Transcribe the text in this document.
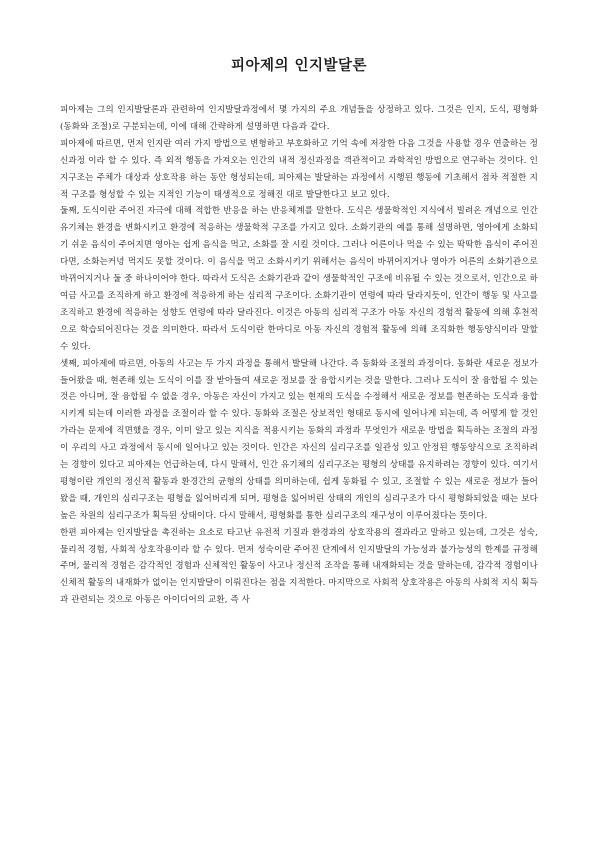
피아제의 인지발달론

피아제는 그의 인지발달론과 관련하여 인지발달과정에서 몇 가지의 주요 개념들을 상정하고 있다. 그것은 인지, 도식, 평형화(동화와 조절)로 구분되는데, 이에 대해 간략하게 설명하면 다음과 같다.

피아제에 따르면, 먼저 인지란 여러 가지 방법으로 변형하고 부호화하고 기억 속에 저장한 다음 그것을 사용할 경우 연출하는 정신과정 이라 할 수 있다. 즉 외적 행동을 가져오는 인간의 내적 정신과정을 객관적이고 과학적인 방법으로 연구하는 것이다. 인지구조는 주체가 대상과 상호작용 하는 동안 형성되는데, 피아제는 발달하는 과정에서 시행된 행동에 기초해서 점차 적절한 지적 구조를 형성할 수 있는 지적인 기능이 태생적으로 정해진 대로 발달한다고 보고 있다.

둘째, 도식이란 주어진 자극에 대해 적합한 반응을 하는 반응체계를 말한다. 도식은 생물학적인 지식에서 빌려온 개념으로 인간 유기체는 환경을 변화시키고 환경에 적응하는 생물학적 구조를 가지고 있다. 소화기관의 예를 통해 설명하면, 영아에게 소화되기 쉬운 음식이 주어지면 영아는 쉽게 음식을 먹고, 소화를 잘 시킬 것이다. 그러나 어른이나 먹을 수 있는 딱딱한 음식이 주어진다면, 소화는커녕 먹지도 못할 것이다. 이 음식을 먹고 소화시키기 위해서는 음식이 바뀌어지거나 영아가 어른의 소화기관으로 바뀌어지거나 둘 중 하나이어야 한다. 따라서 도식은 소화기관과 같이 생물학적인 구조에 비유될 수 있는 것으로서, 인간으로 하여금 사고를 조직하게 하고 환경에 적응하게 하는 심리적 구조이다. 소화기관이 연령에 따라 달라지듯이, 인간이 행동 및 사고를 조직하고 환경에 적응하는 성향도 연령에 따라 달라진다. 이것은 아동의 심리적 구조가 아동 자신의 경험적 활동에 의해 후천적으로 학습되어진다는 것을 의미한다. 따라서 도식이란 한마디로 아동 자신의 경험적 활동에 의해 조직화한 행동양식이라 말할 수 있다.

셋째, 피아제에 따르면, 아동의 사고는 두 가지 과정을 통해서 발달해 나간다. 즉 동화와 조절의 과정이다. 동화란 새로운 정보가 들어왔을 때, 현존해 있는 도식이 이를 잘 받아들여 새로운 정보를 잘 융합시키는 것을 말한다. 그러나 도식이 잘 융합될 수 있는 것은 아니며, 잘 융합될 수 없을 경우, 아동은 자신이 가지고 있는 현재의 도식을 수정해서 새로운 정보를 현존하는 도식과 융합시키게 되는데 이러한 과정을 조절이라 할 수 있다. 동화와 조절은 상보적인 형태로 동시에 일어나게 되는데, 즉 어떻게 할 것인가라는 문제에 직면했을 경우, 이미 알고 있는 지식을 적용시키는 동화의 과정과 무엇인가 새로운 방법을 획득하는 조절의 과정이 우리의 사고 과정에서 동시에 일어나고 있는 것이다. 인간은 자신의 심리구조를 일관성 있고 안정된 행동양식으로 조직하려는 경향이 있다고 피아제는 언급하는데, 다시 말해서, 인간 유기체의 심리구조는 평형의 상태를 유지하려는 경향이 있다. 여기서 평형이란 개인의 정신적 활동과 환경간의 균형의 상태를 의미하는데, 쉽게 동화될 수 있고, 조절할 수 있는 새로운 정보가 들어왔을 때, 개인의 심리구조는 평형을 잃어버리게 되며, 평형을 잃어버린 상태의 개인의 심리구조가 다시 평형화되었을 때는 보다 높은 차원의 심리구조가 획득된 상태이다. 다시 말해서, 평형화를 통한 심리구조의 재구성이 이루어졌다는 뜻이다.

한편 피아제는 인지발달을 촉진하는 요소로 타고난 유전적 기질과 환경과의 상호작용의 결과라고 말하고 있는데, 그것은 성숙, 물리적 경험, 사회적 상호작용이라 할 수 있다. 먼저 성숙이란 주어진 단계에서 인지발달의 가능성과 불가능성의 한계를 규정해 주며, 물리적 경험은 감각적인 경험과 신체적인 활동이 사고나 정신적 조작을 통해 내재화되는 것을 말하는데, 감각적 경험이나 신체적 활동의 내재화가 없이는 인지발달이 이뤄진다는 점을 지적한다. 마지막으로 사회적 상호작용은 아동의 사회적 지식 획득과 관련되는 것으로 아동은 아이디어의 교환, 즉 사
